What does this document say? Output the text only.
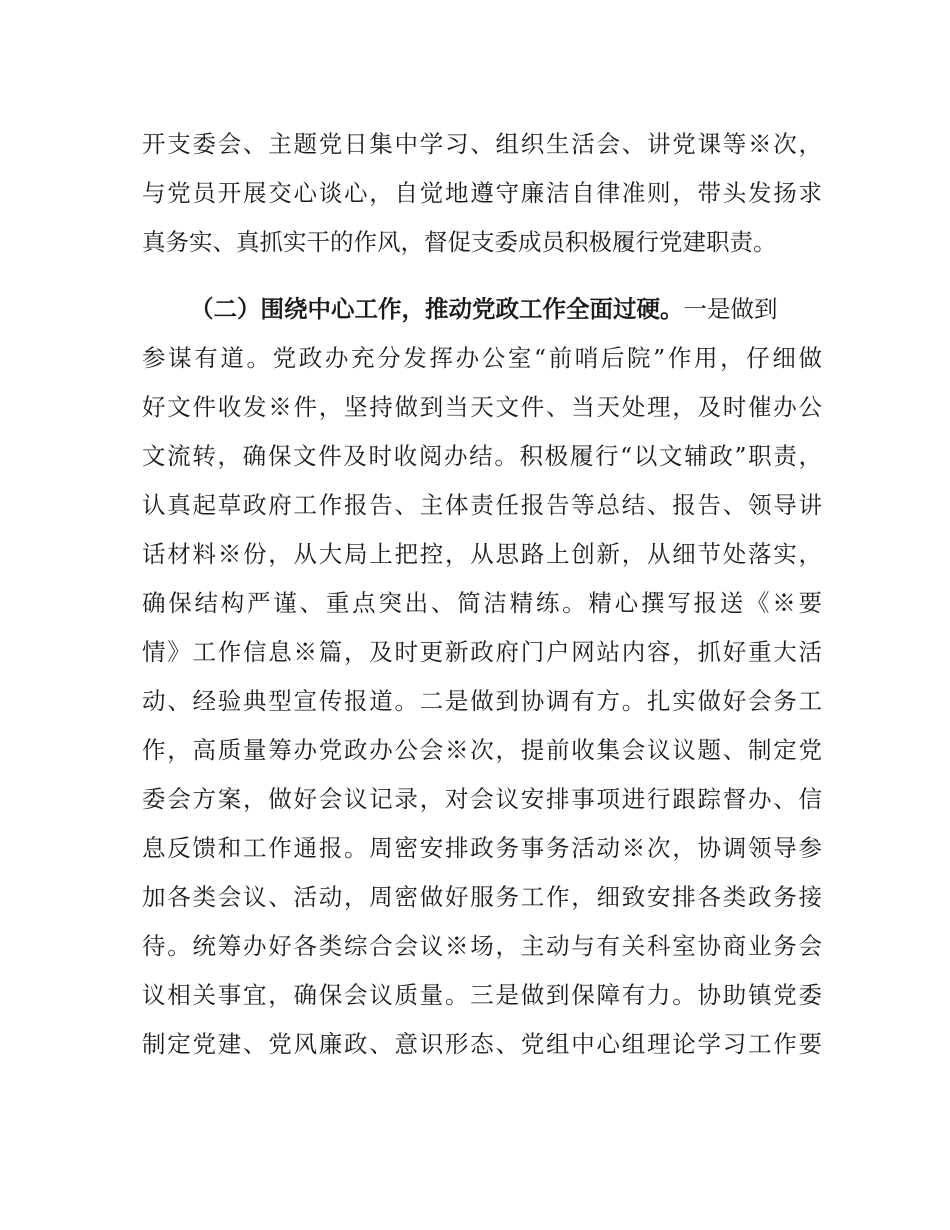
开支委会、主题党日集中学习、组织生活会、讲党课等※次，
与党员开展交心谈心，自觉地遵守廉洁自律准则，带头发扬求
真务实、真抓实干的作风，督促支委成员积极履行党建职责。
（二）围绕中心工作，推动党政工作全面过硬。一是做到
参谋有道。党政办充分发挥办公室“前哨后院”作用，仔细做
好文件收发※件，坚持做到当天文件、当天处理，及时催办公
文流转，确保文件及时收阅办结。积极履行“以文辅政”职责，
认真起草政府工作报告、主体责任报告等总结、报告、领导讲
话材料※份，从大局上把控，从思路上创新，从细节处落实，
确保结构严谨、重点突出、简洁精练。精心撰写报送《※要
情》工作信息※篇，及时更新政府门户网站内容，抓好重大活
动、经验典型宣传报道。二是做到协调有方。扎实做好会务工
作，高质量筹办党政办公会※次，提前收集会议议题、制定党
委会方案，做好会议记录，对会议安排事项进行跟踪督办、信
息反馈和工作通报。周密安排政务事务活动※次，协调领导参
加各类会议、活动，周密做好服务工作，细致安排各类政务接
待。统筹办好各类综合会议※场，主动与有关科室协商业务会
议相关事宜，确保会议质量。三是做到保障有力。协助镇党委
制定党建、党风廉政、意识形态、党组中心组理论学习工作要
